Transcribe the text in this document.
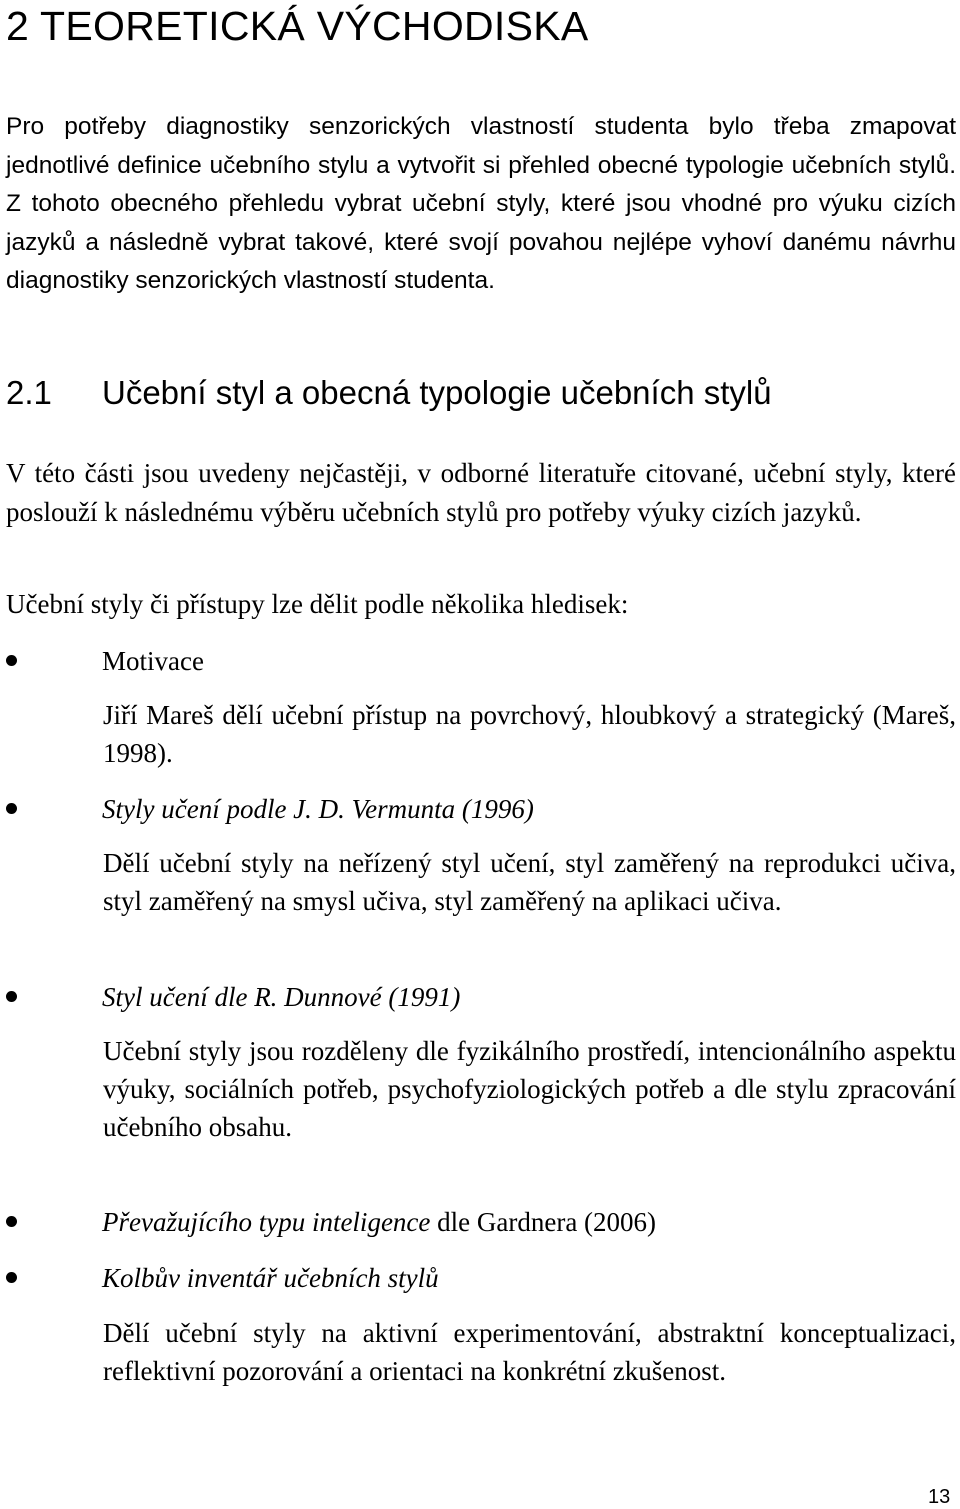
2 TEORETICKÁ VÝCHODISKA

Pro potřeby diagnostiky senzorických vlastností studenta bylo třeba zmapovat jednotlivé definice učebního stylu a vytvořit si přehled obecné typologie učebních stylů. Z tohoto obecného přehledu vybrat učební styly, které jsou vhodné pro výuku cizích jazyků a následně vybrat takové, které svojí povahou nejlépe vyhoví danému návrhu diagnostiky senzorických vlastností studenta.

2.1 Učební styl a obecná typologie učebních stylů

V této části jsou uvedeny nejčastěji, v odborné literatuře citované, učební styly, které poslouží k následnému výběru učebních stylů pro potřeby výuky cizích jazyků.

Učební styly či přístupy lze dělit podle několika hledisek:

Motivace

Jiří Mareš dělí učební přístup na povrchový, hloubkový a strategický (Mareš, 1998).

Styly učení podle J. D. Vermunta (1996)

Dělí učební styly na neřízený styl učení, styl zaměřený na reprodukci učiva, styl zaměřený na smysl učiva, styl zaměřený na aplikaci učiva.

Styl učení dle R. Dunnové (1991)

Učební styly jsou rozděleny dle fyzikálního prostředí, intencionálního aspektu výuky, sociálních potřeb, psychofyziologických potřeb a dle stylu zpracování učebního obsahu.

Převažujícího typu inteligence dle Gardnera (2006)
Kolbův inventář učebních stylů

Dělí učební styly na aktivní experimentování, abstraktní konceptualizaci, reflektivní pozorování a orientaci na konkrétní zkušenost.

13
